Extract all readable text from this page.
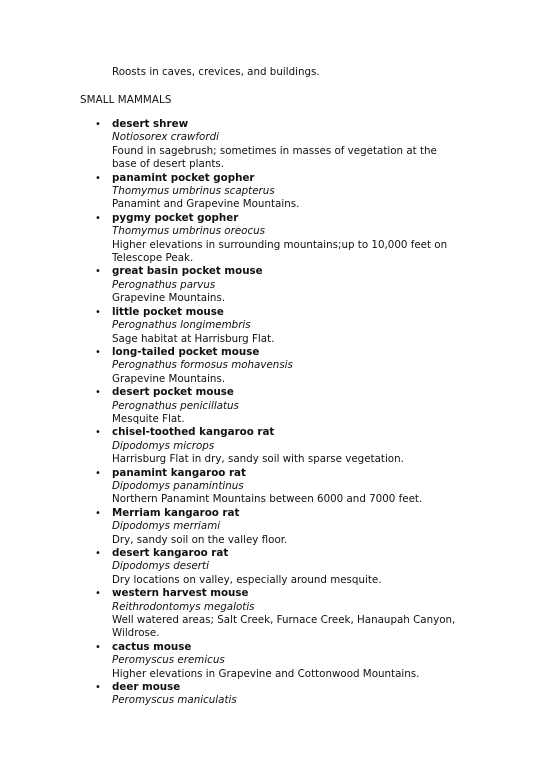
Roosts in caves, crevices, and buildings.
SMALL MAMMALS
• desert shrew
Notiosorex crawfordi
Found in sagebrush; sometimes in masses of vegetation at the base of desert plants.
• panamint pocket gopher
Thomymus umbrinus scapterus
Panamint and Grapevine Mountains.
• pygmy pocket gopher
Thomymus umbrinus oreocus
Higher elevations in surrounding mountains;up to 10,000 feet on Telescope Peak.
• great basin pocket mouse
Perognathus parvus
Grapevine Mountains.
• little pocket mouse
Perognathus longimembris
Sage habitat at Harrisburg Flat.
• long-tailed pocket mouse
Perognathus formosus mohavensis
Grapevine Mountains.
• desert pocket mouse
Perognathus penicillatus
Mesquite Flat.
• chisel-toothed kangaroo rat
Dipodomys microps
Harrisburg Flat in dry, sandy soil with sparse vegetation.
• panamint kangaroo rat
Dipodomys panamintinus
Northern Panamint Mountains between 6000 and 7000 feet.
• Merriam kangaroo rat
Dipodomys merriami
Dry, sandy soil on the valley floor.
• desert kangaroo rat
Dipodomys deserti
Dry locations on valley, especially around mesquite.
• western harvest mouse
Reithrodontomys megalotis
Well watered areas; Salt Creek, Furnace Creek, Hanaupah Canyon, Wildrose.
• cactus mouse
Peromyscus eremicus
Higher elevations in Grapevine and Cottonwood Mountains.
• deer mouse
Peromyscus maniculatis
